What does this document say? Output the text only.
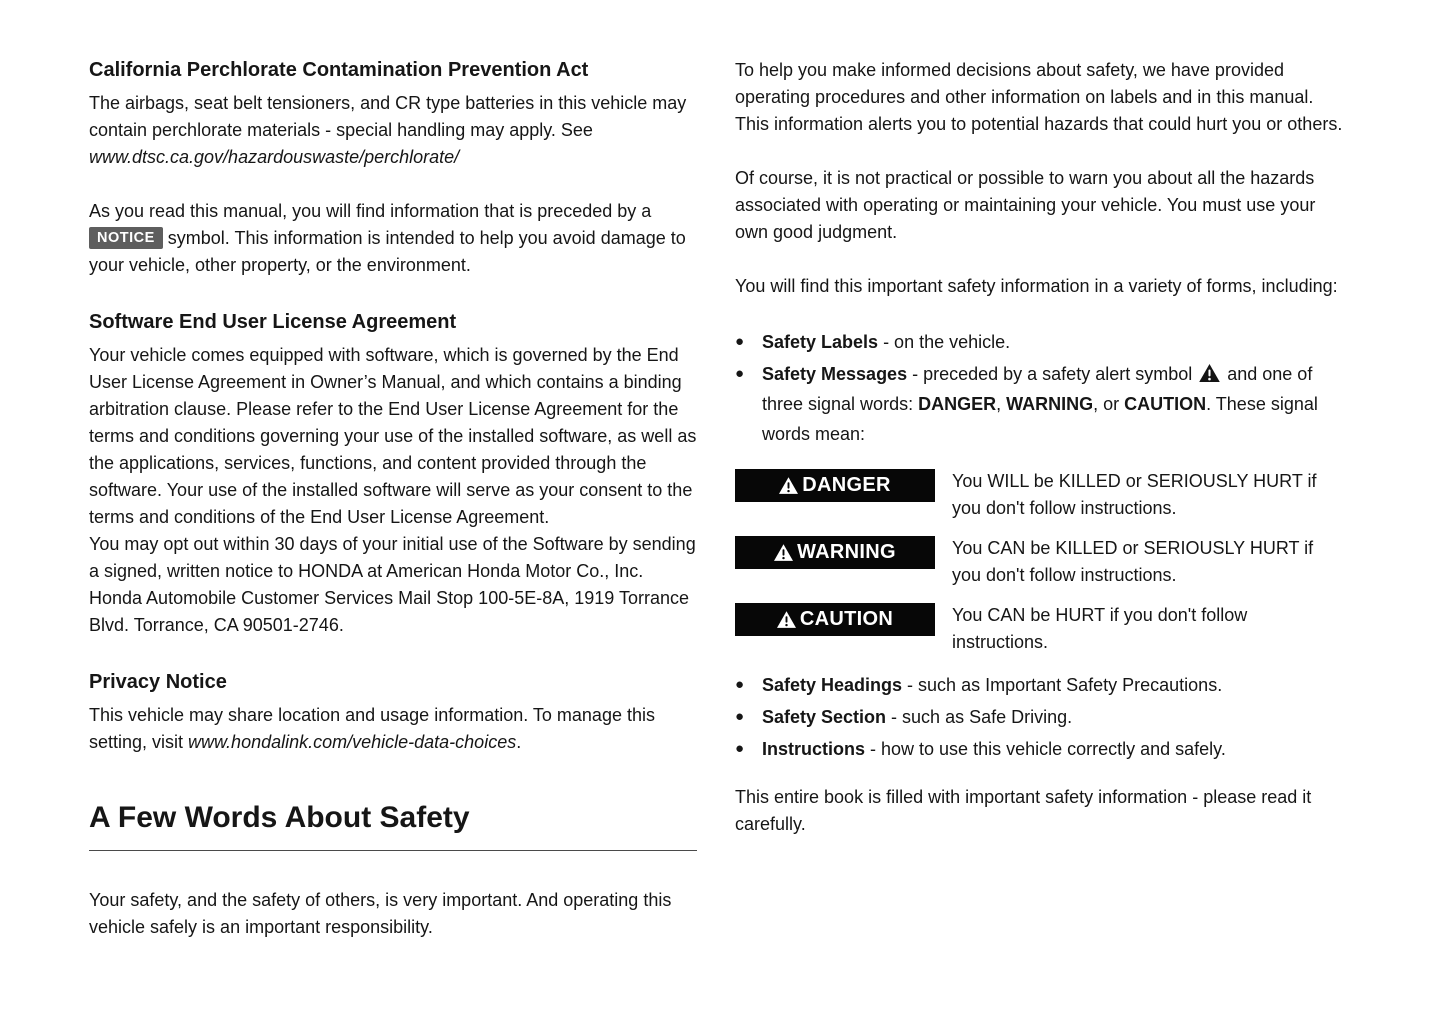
California Perchlorate Contamination Prevention Act

The airbags, seat belt tensioners, and CR type batteries in this vehicle may contain perchlorate materials - special handling may apply. See www.dtsc.ca.gov/hazardouswaste/perchlorate/

As you read this manual, you will find information that is preceded by a NOTICE symbol. This information is intended to help you avoid damage to your vehicle, other property, or the environment.

Software End User License Agreement

Your vehicle comes equipped with software, which is governed by the End User License Agreement in Owner’s Manual, and which contains a binding arbitration clause. Please refer to the End User License Agreement for the terms and conditions governing your use of the installed software, as well as the applications, services, functions, and content provided through the software. Your use of the installed software will serve as your consent to the terms and conditions of the End User License Agreement.

You may opt out within 30 days of your initial use of the Software by sending a signed, written notice to HONDA at American Honda Motor Co., Inc. Honda Automobile Customer Services Mail Stop 100-5E-8A, 1919 Torrance Blvd. Torrance, CA 90501-2746.

Privacy Notice

This vehicle may share location and usage information. To manage this setting, visit www.hondalink.com/vehicle-data-choices.

A Few Words About Safety

Your safety, and the safety of others, is very important. And operating this vehicle safely is an important responsibility.

To help you make informed decisions about safety, we have provided operating procedures and other information on labels and in this manual. This information alerts you to potential hazards that could hurt you or others.

Of course, it is not practical or possible to warn you about all the hazards associated with operating or maintaining your vehicle. You must use your own good judgment.

You will find this important safety information in a variety of forms, including:

● Safety Labels - on the vehicle.
● Safety Messages - preceded by a safety alert symbol  and one of three signal words: DANGER, WARNING, or CAUTION. These signal words mean:
DANGER	You WILL be KILLED or SERIOUSLY HURT if you don't follow instructions.
WARNING	You CAN be KILLED or SERIOUSLY HURT if you don't follow instructions.
CAUTION	You CAN be HURT if you don't follow instructions.
● Safety Headings - such as Important Safety Precautions.
● Safety Section - such as Safe Driving.
● Instructions - how to use this vehicle correctly and safely.

This entire book is filled with important safety information - please read it carefully.
